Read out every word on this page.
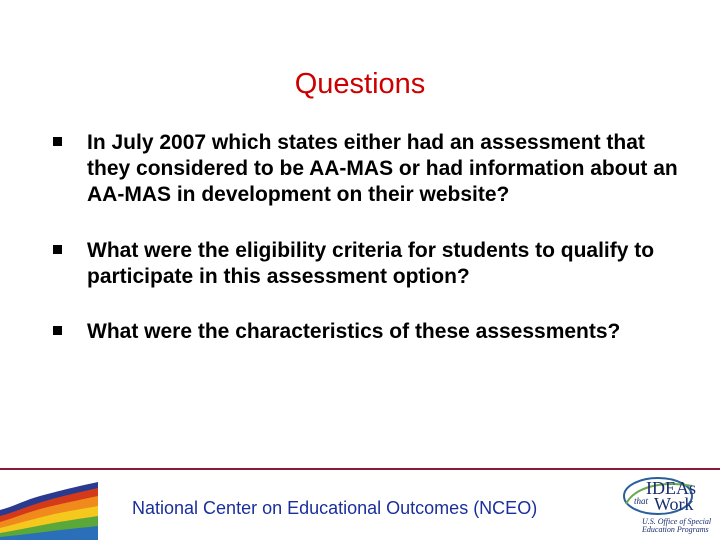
Questions
In July 2007 which states either had an assessment that they considered to be AA-MAS or had information about an AA-MAS in development on their website?
What were the eligibility criteria for students to qualify to participate in this assessment option?
What were the characteristics of these assessments?
National Center on Educational Outcomes (NCEO)
IDEAs
that Work
U.S. Office of Special
Education Programs
